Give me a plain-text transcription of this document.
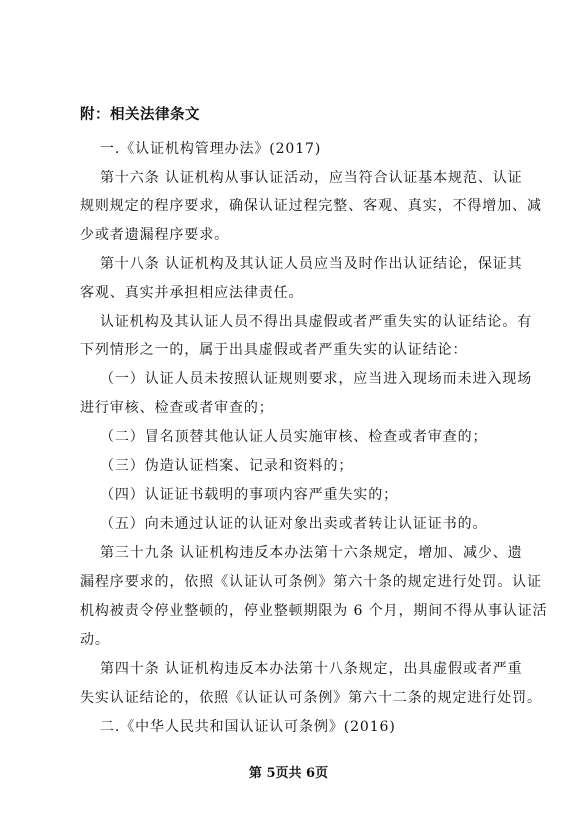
附：相关法律条文
一.《认证机构管理办法》(2017)
第十六条 认证机构从事认证活动，应当符合认证基本规范、认证
规则规定的程序要求，确保认证过程完整、客观、真实，不得增加、减
少或者遗漏程序要求。
第十八条 认证机构及其认证人员应当及时作出认证结论，保证其
客观、真实并承担相应法律责任。
认证机构及其认证人员不得出具虚假或者严重失实的认证结论。有
下列情形之一的，属于出具虚假或者严重失实的认证结论：
（一）认证人员未按照认证规则要求，应当进入现场而未进入现场
进行审核、检查或者审查的；
（二）冒名顶替其他认证人员实施审核、检查或者审查的；
（三）伪造认证档案、记录和资料的；
（四）认证证书载明的事项内容严重失实的；
（五）向未通过认证的认证对象出卖或者转让认证证书的。
第三十九条 认证机构违反本办法第十六条规定，增加、减少、遗
漏程序要求的，依照《认证认可条例》第六十条的规定进行处罚。认证
机构被责令停业整顿的，停业整顿期限为 6 个月，期间不得从事认证活
动。
第四十条 认证机构违反本办法第十八条规定，出具虚假或者严重
失实认证结论的，依照《认证认可条例》第六十二条的规定进行处罚。
二.《中华人民共和国认证认可条例》(2016)
第 5页共 6页
